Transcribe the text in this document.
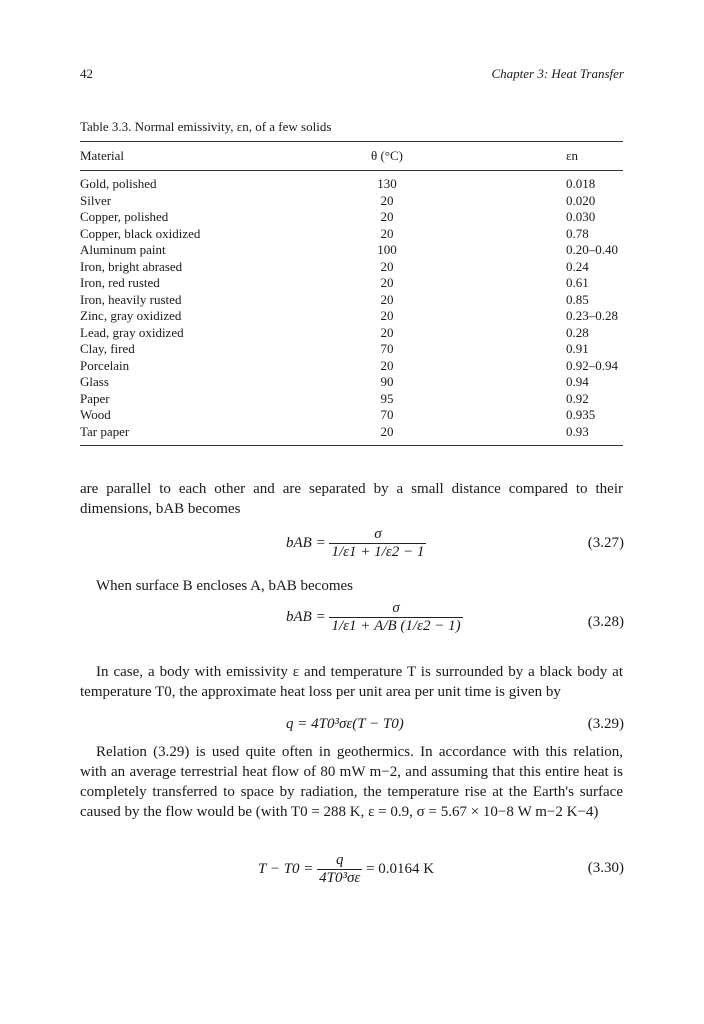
42	Chapter 3: Heat Transfer
Table 3.3. Normal emissivity, εn, of a few solids
Material	θ (°C)	εn
Gold, polished	130	0.018
Silver	20	0.020
Copper, polished	20	0.030
Copper, black oxidized	20	0.78
Aluminum paint	100	0.20–0.40
Iron, bright abrased	20	0.24
Iron, red rusted	20	0.61
Iron, heavily rusted	20	0.85
Zinc, gray oxidized	20	0.23–0.28
Lead, gray oxidized	20	0.28
Clay, fired	70	0.91
Porcelain	20	0.92–0.94
Glass	90	0.94
Paper	95	0.92
Wood	70	0.935
Tar paper	20	0.93
are parallel to each other and are separated by a small distance compared to their dimensions, bAB becomes
bAB = $\frac{\sigma}{1/\varepsilon 1 + 1/\varepsilon 2 - 1}$	(3.27)
When surface B encloses A, bAB becomes
bAB = $\frac{\sigma}{1/\varepsilon 1 + A/B (1/\varepsilon 2 - 1)}$	(3.28)
In case, a body with emissivity ε and temperature T is surrounded by a black body at temperature T0, the approximate heat loss per unit area per unit time is given by
q = 4T0³σε(T − T0)	(3.29)
Relation (3.29) is used quite often in geothermics. In accordance with this relation, with an average terrestrial heat flow of 80 mW m−2, and assuming that this entire heat is completely transferred to space by radiation, the temperature rise at the Earth's surface caused by the flow would be (with T0 = 288 K, ε = 0.9, σ = 5.67 × 10−8 W m−2 K−4)
$T - T0 = \frac{q}{\text{4T0³σε}} = 0.0164$ K	(3.30)
